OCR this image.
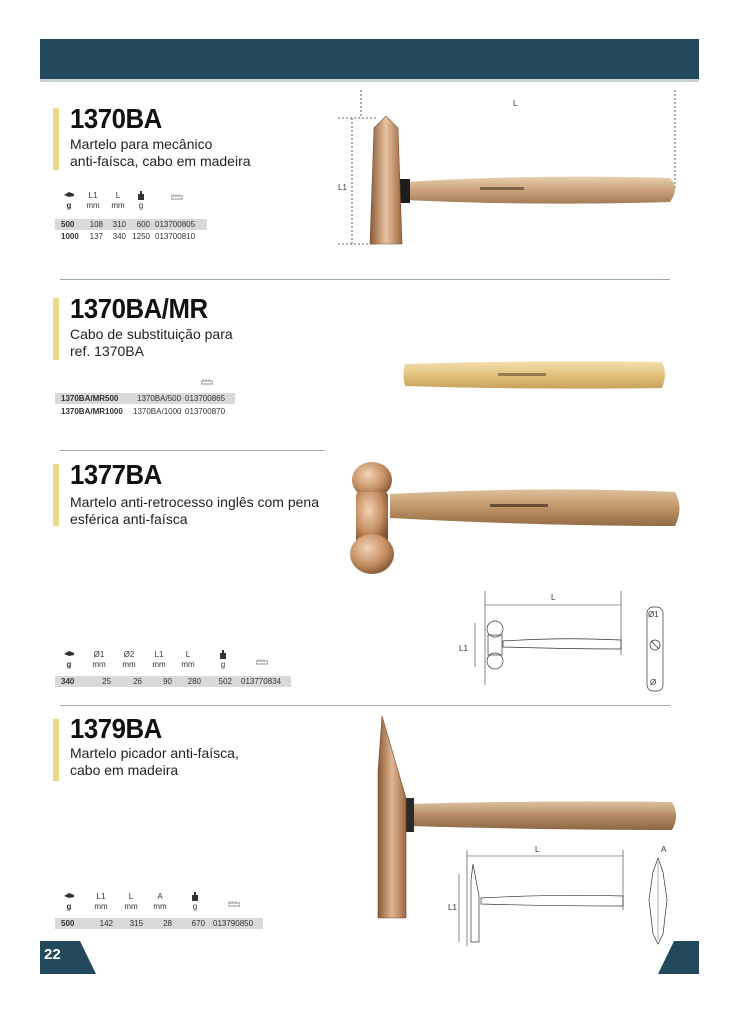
1370BA
Martelo para mecânico
anti-faísca, cabo em madeira
L1	L
g	mm mm	g
500	108	310	600 013700805
1000	137	340 1250 013700810
L
L1
1370BA/MR
Cabo de substituição para
ref. 1370BA
1370BA/MR500 1370BA/500 013700865
1370BA/MR1000 1370BA/1000 013700870
1377BA
Martelo anti-retrocesso inglês com pena
esférica anti-faísca
L
L1
Ø1
Ø
Ø1	Ø2	L1	L
g	mm mm mm mm	g
340	25	26	90	280	502 013770834
1379BA
Martelo picador anti-faísca,
cabo em madeira
L
L1
A
L1	L	A
g	mm mm mm	g
500	142	315	28	670 013790850
22
